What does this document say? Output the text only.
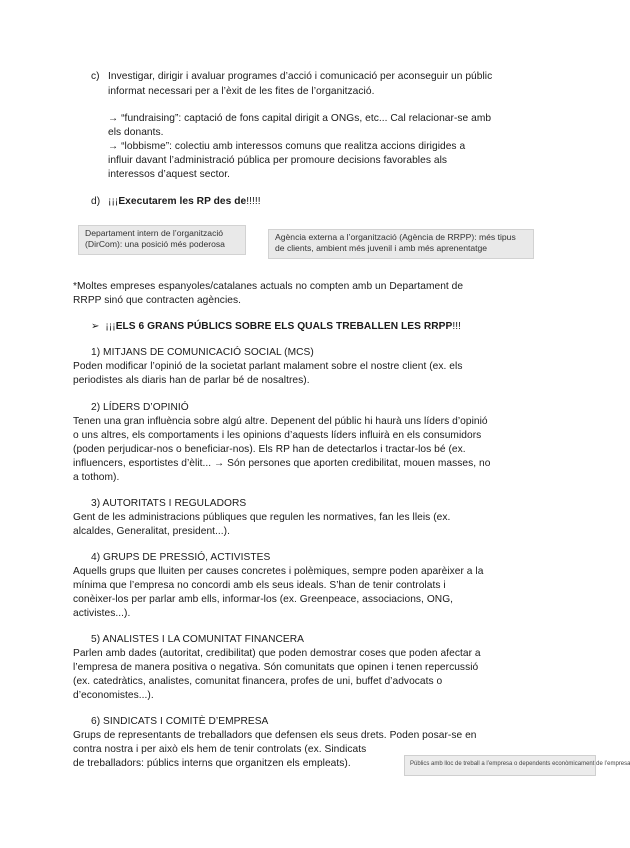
c) Investigar, dirigir i avaluar programes d’acció i comunicació per aconseguir un públic
informat necessari per a l’èxit de les fites de l’organització.
→ “fundraising”: captació de fons capital dirigit a ONGs, etc... Cal relacionar-se amb
els donants.
→ “lobbisme”: colectiu amb interessos comuns que realitza accions dirigides a
influir davant l’administració pública per promoure decisions favorables als
interessos d’aquest sector.
d) ¡¡¡Executarem les RP des de!!!!!
Departament intern de l’organització
(DirCom): una posició més poderosa
Agència externa a l’organització (Agència de RRPP): més tipus
de clients, ambient més juvenil i amb més aprenentatge
*Moltes empreses espanyoles/catalanes actuals no compten amb un Departament de
RRPP sinó que contracten agències.
➢ ¡¡¡ELS 6 GRANS PÚBLICS SOBRE ELS QUALS TREBALLEN LES RRPP!!!
1) MITJANS DE COMUNICACIÓ SOCIAL (MCS)
Poden modificar l’opinió de la societat parlant malament sobre el nostre client (ex. els
periodistes als diaris han de parlar bé de nosaltres).
2) LÍDERS D’OPINIÓ
Tenen una gran influència sobre algú altre. Depenent del públic hi haurà uns líders d’opinió
o uns altres, els comportaments i les opinions d’aquests líders influirà en els consumidors
(poden perjudicar-nos o beneficiar-nos). Els RP han de detectarlos i tractar-los bé (ex.
influencers, esportistes d’èlit... → Són persones que aporten credibilitat, mouen masses, no
a tothom).
3) AUTORITATS I REGULADORS
Gent de les administracions públiques que regulen les normatives, fan les lleis (ex.
alcaldes, Generalitat, president...).
4) GRUPS DE PRESSIÓ, ACTIVISTES
Aquells grups que lluiten per causes concretes i polèmiques, sempre poden aparèixer a la
mínima que l’empresa no concordi amb els seus ideals. S’han de tenir controlats i
conèixer-los per parlar amb ells, informar-los (ex. Greenpeace, associacions, ONG,
activistes...).
5) ANALISTES I LA COMUNITAT FINANCERA
Parlen amb dades (autoritat, credibilitat) que poden demostrar coses que poden afectar a
l’empresa de manera positiva o negativa. Són comunitats que opinen i tenen repercussió
(ex. catedràtics, analistes, comunitat financera, profes de uni, buffet d’advocats o
d’economistes...).
6) SINDICATS I COMITÈ D’EMPRESA
Grups de representants de treballadors que defensen els seus drets. Poden posar-se en
contra nostra i per això els hem de tenir controlats (ex. Sindicats
de treballadors: públics interns que organitzen els empleats).	Públics amb lloc de treball a l’empresa o dependents econòmicament de l’empresa
